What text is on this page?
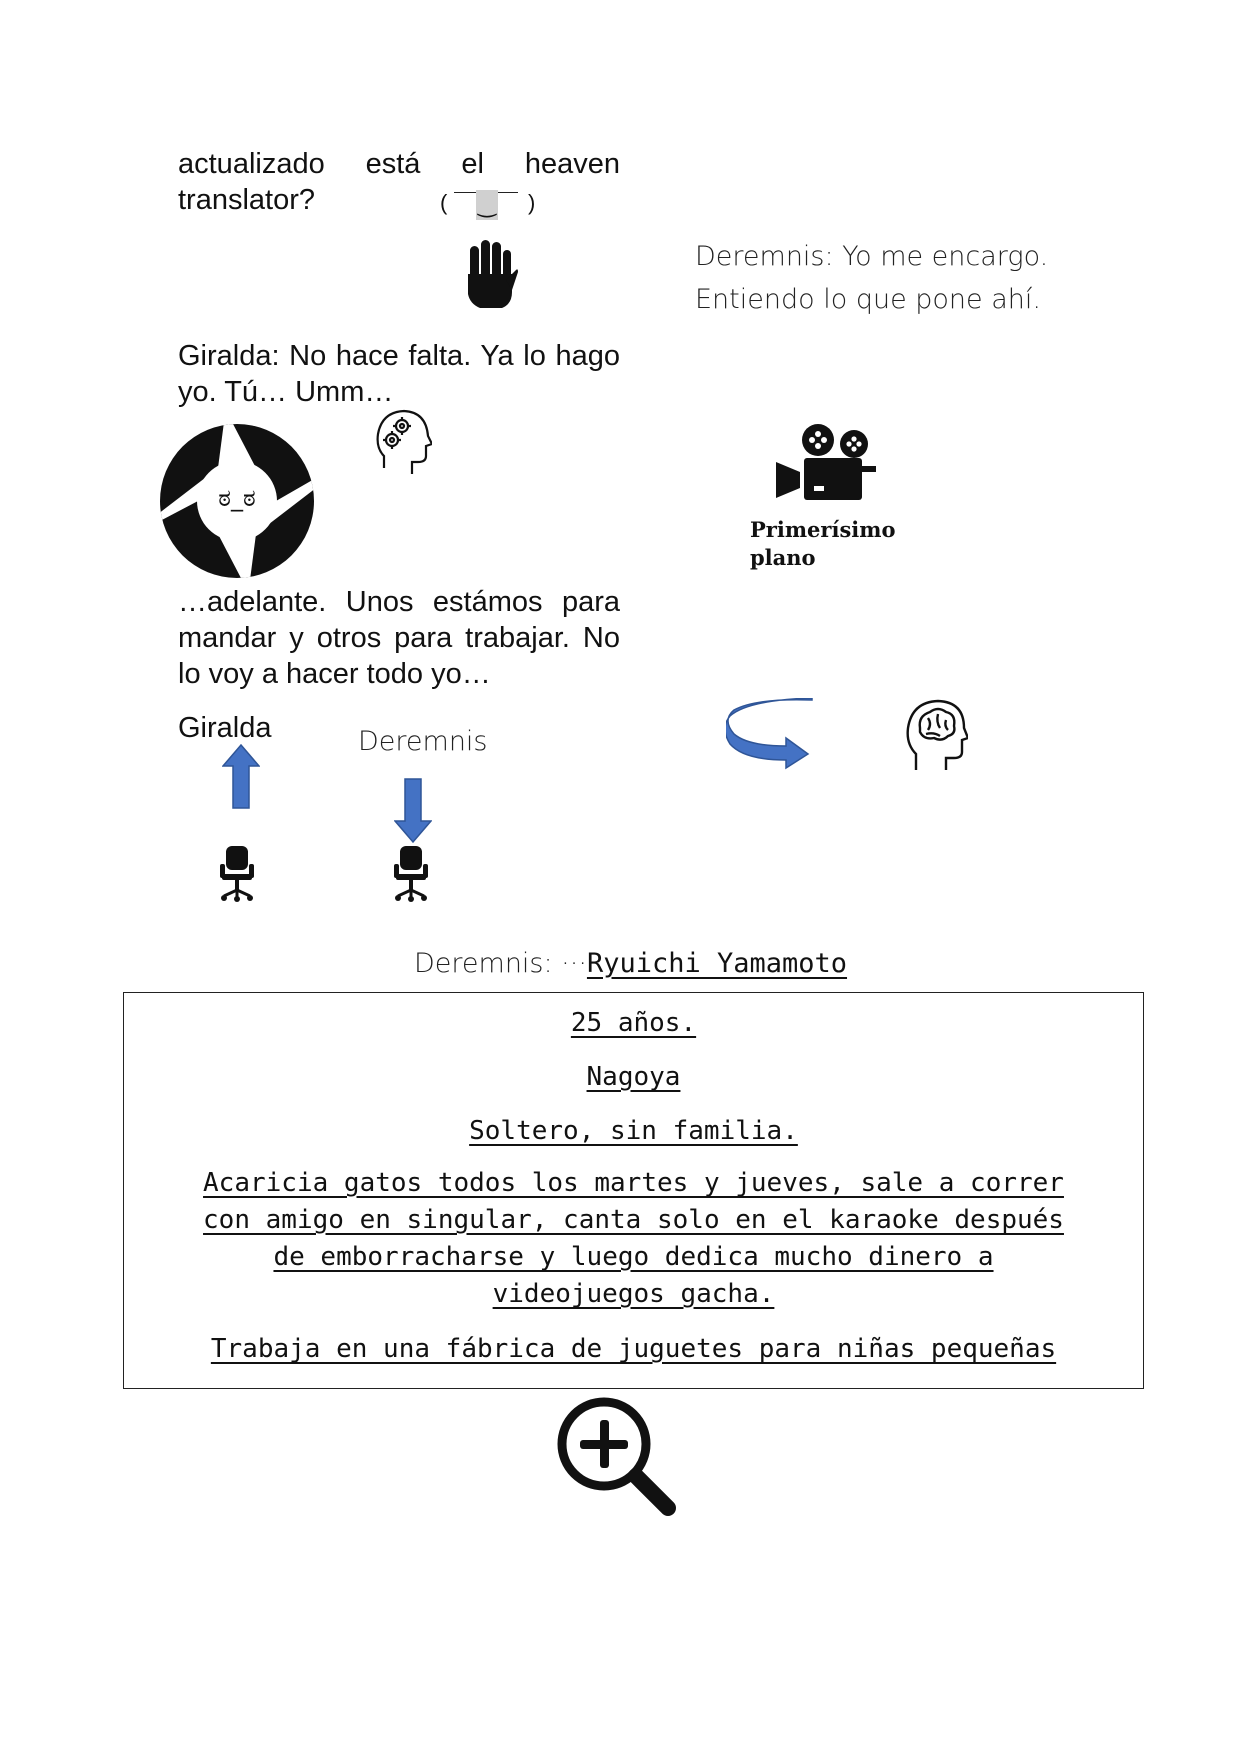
actualizado está el heaven
translator?	( ‿ )

Deremnis: Yo me encargo.

Entiendo lo que pone ahí.

Giralda: No hace falta. Ya lo hago yo. Tú… Umm…

ಠ_ಠ
Primerísimo
plano

…adelante. Unos estámos para mandar y otros para trabajar. No lo voy a hacer todo yo…

Giralda	Deremnis
Deremnis: ···Ryuichi Yamamoto
25 años.
Nagoya
Soltero, sin familia.
Acaricia gatos todos los martes y jueves, sale a correr
con amigo en singular, canta solo en el karaoke después
de emborracharse y luego dedica mucho dinero a
videojuegos gacha.
Trabaja en una fábrica de juguetes para niñas pequeñas
